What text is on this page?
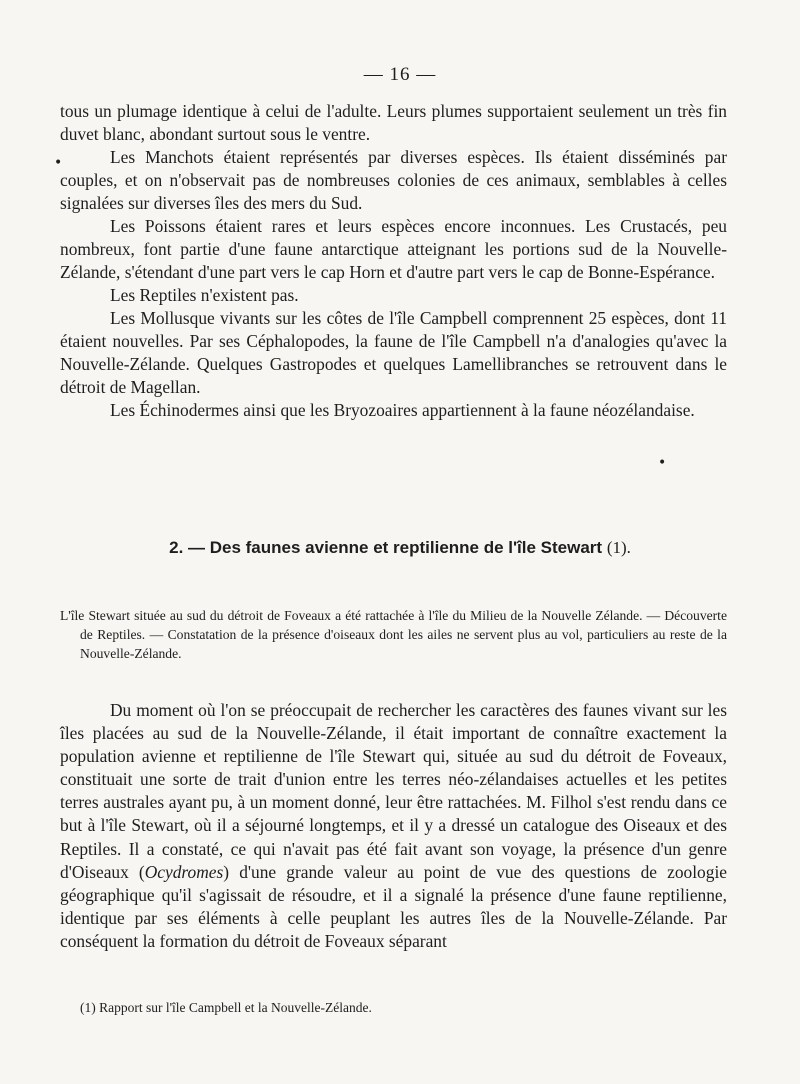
— 16 —
•
•

tous un plumage identique à celui de l'adulte. Leurs plumes supportaient seulement un très fin duvet blanc, abondant surtout sous le ventre.

Les Manchots étaient représentés par diverses espèces. Ils étaient disséminés par couples, et on n'observait pas de nombreuses colonies de ces animaux, semblables à celles signalées sur diverses îles des mers du Sud.

Les Poissons étaient rares et leurs espèces encore inconnues. Les Crustacés, peu nombreux, font partie d'une faune antarctique atteignant les portions sud de la Nouvelle-Zélande, s'étendant d'une part vers le cap Horn et d'autre part vers le cap de Bonne-Espérance.

Les Reptiles n'existent pas.

Les Mollusque vivants sur les côtes de l'île Campbell comprennent 25 espèces, dont 11 étaient nouvelles. Par ses Céphalopodes, la faune de l'île Campbell n'a d'analogies qu'avec la Nouvelle-Zélande. Quelques Gastropodes et quelques Lamellibranches se retrouvent dans le détroit de Magellan.

Les Échinodermes ainsi que les Bryozoaires appartiennent à la faune néozélandaise.

2. — Des faunes avienne et reptilienne de l'île Stewart (1).

L'île Stewart située au sud du détroit de Foveaux a été rattachée à l'île du Milieu de la Nouvelle Zélande. — Découverte de Reptiles. — Constatation de la présence d'oiseaux dont les ailes ne servent plus au vol, particuliers au reste de la Nouvelle-Zélande.

Du moment où l'on se préoccupait de rechercher les caractères des faunes vivant sur les îles placées au sud de la Nouvelle-Zélande, il était important de connaître exactement la population avienne et reptilienne de l'île Stewart qui, située au sud du détroit de Foveaux, constituait une sorte de trait d'union entre les terres néo-zélandaises actuelles et les petites terres australes ayant pu, à un moment donné, leur être rattachées. M. Filhol s'est rendu dans ce but à l'île Stewart, où il a séjourné longtemps, et il y a dressé un catalogue des Oiseaux et des Reptiles. Il a constaté, ce qui n'avait pas été fait avant son voyage, la présence d'un genre d'Oiseaux (Ocydromes) d'une grande valeur au point de vue des questions de zoologie géographique qu'il s'agissait de résoudre, et il a signalé la présence d'une faune reptilienne, identique par ses éléments à celle peuplant les autres îles de la Nouvelle-Zélande. Par conséquent la formation du détroit de Foveaux séparant

(1) Rapport sur l'île Campbell et la Nouvelle-Zélande.
